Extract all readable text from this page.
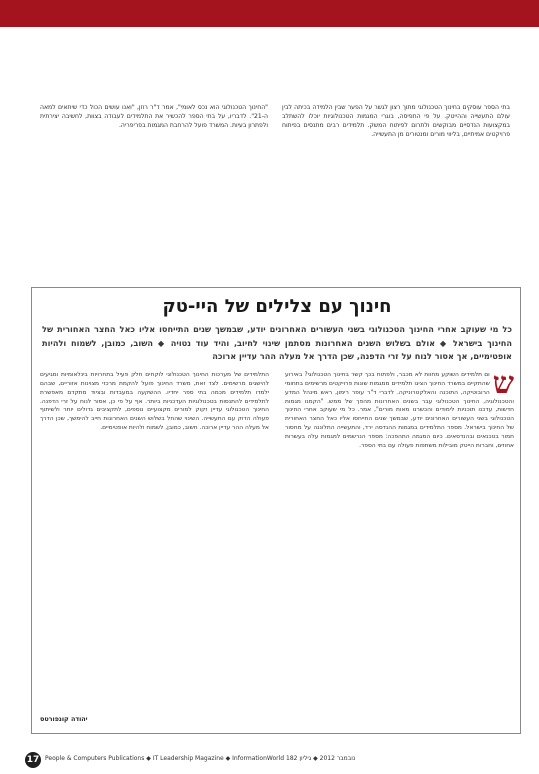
בתי הספר עוסקים בחינוך הטכנולוגי מתוך רצון לגשר על הפער שבין הלמידה בכיתה לבין עולם התעשייה וההייטק. על פי התפיסה, בוגרי המגמות הטכנולוגיות יוכלו להשתלב במקצועות הנדסיים מבוקשים ולתרום לפיתוח המשק. תלמידים רבים מתנסים בפיתוח פרויקטים אמיתיים, בליווי מורים ומנטורים מן התעשייה.

"החינוך הטכנולוגי הוא נכס לאומי", אמר ד"ר רוזן, "ואנו עושים הכול כדי שיתאים למאה ה-21". לדבריו, על בתי הספר להכשיר את התלמידים לעבודה בצוות, לחשיבה יצירתית ולפתרון בעיות. המשרד פועל להרחבת המגמות בפריפריה.

חינוך עם צלילים של היי-טק

כל מי שעוקב אחרי החינוך הטכנולוגי בשני העשורים האחרונים יודע, שבמשך שנים התייחסו אליו כאל החצר האחורית של החינוך בישראל ◆ אולם בשלוש השנים האחרונות מסתמן שינוי לחיוב, והיד עוד נטויה ◆ השוב, כמובן, לשמוח ולהיות אופטימיים, אך אסור לנוח על זרי הדפנה, שכן הדרך אל מעלה ההר עדיין ארוכה

ש
ום תלמידים השוקע מחוות לא מכבר, ולפתוח בכך קשר בחינוך הטכנולוגי? באירוע שהתקיים במשרד החינוך הציגו תלמידים ממגמות שונות פרויקטים מרשימים בתחומי הרובוטיקה, התוכנה והאלקטרוניקה. לדברי ד"ר עופר רימון, ראש מינהל המדע והטכנולוגיה, החינוך הטכנולוגי עבר בשנים האחרונות מהפך של ממש. "הקמנו מגמות חדשות, עדכנו תוכניות לימודים והכשרנו מאות מורים", אמר. כל מי שעוקב אחרי החינוך הטכנולוגי בשני העשורים האחרונים יודע, שבמשך שנים התייחסו אליו כאל החצר האחורית של החינוך בישראל. מספר התלמידים במגמות ההנדסה ירד, והתעשייה התלוננה על מחסור חמור בטכנאים ובהנדסאים. כיום המגמה התהפכה: מספר הנרשמים למגמות עלה בעשרות אחוזים, וחברות הייטק מובילות משתפות פעולה עם בתי הספר.
התלמידים של מערכות החינוך הטכנולוגי לוקחים חלק פעיל בתחרויות בינלאומיות ומגיעים להישגים מרשימים. לצד זאת, משרד החינוך פועל להקמת מרכזי מצוינות אזוריים, שבהם ילמדו תלמידים מכמה בתי ספר יחדיו. ההשקעה במעבדות ובציוד מתקדם מאפשרת לתלמידים להתנסות בטכנולוגיות העדכניות ביותר. אף על פי כן, אסור לנוח על זרי הדפנה. החינוך הטכנולוגי עדיין זקוק למורים מקצועיים נוספים, לתקציבים גדולים יותר ולשיתוף פעולה הדוק עם התעשייה. השינוי שהחל בשלוש השנים האחרונות חייב להימשך, שכן הדרך אל מעלה ההר עדיין ארוכה. חשוב, כמובן, לשמוח ולהיות אופטימיים.
יהודה קונפורטס
17 People & Computers Publications ◆ IT Leadership Magazine ◆ InformationWorld נובמבר 2012 ◆ גיליון 182
